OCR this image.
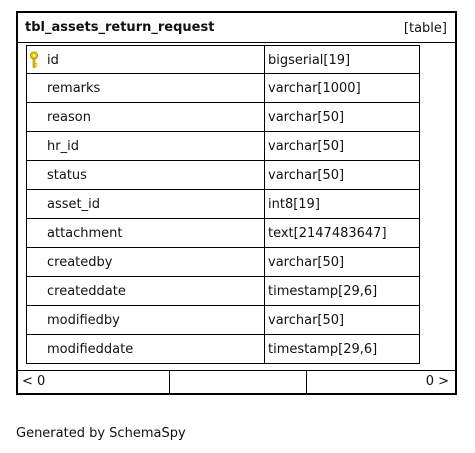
tbl_assets_return_request	[table]
id	bigserial[19]
remarks	varchar[1000]
reason	varchar[50]
hr_id	varchar[50]
status	varchar[50]
asset_id	int8[19]
attachment	text[2147483647]
createdby	varchar[50]
createddate	timestamp[29,6]
modifiedby	varchar[50]
modifieddate	timestamp[29,6]
< 0	0 >
Generated by SchemaSpy
